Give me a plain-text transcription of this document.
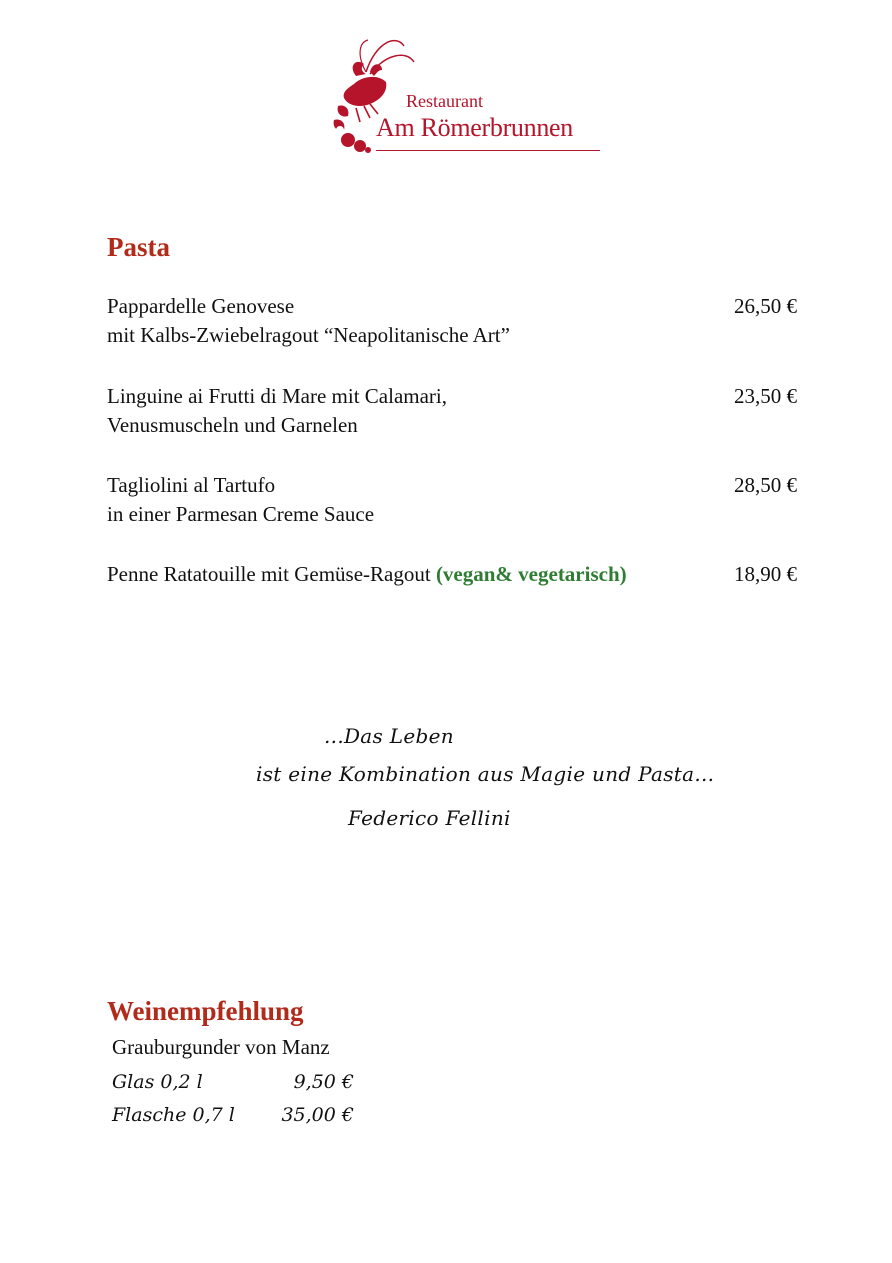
Restaurant
Am Römerbrunnen
Pasta
Pappardelle Genovese
mit Kalbs-Zwiebelragout “Neapolitanische Art”
26,50 €
Linguine ai Frutti di Mare mit Calamari,
Venusmuscheln und Garnelen
23,50 €
Tagliolini al Tartufo
in einer Parmesan Creme Sauce
28,50 €
Penne Ratatouille mit Gemüse-Ragout (vegan& vegetarisch)	18,90 €
...Das Leben
ist eine Kombination aus Magie und Pasta...
Federico Fellini
Weinempfehlung
Grauburgunder von Manz
Glas 0,2 l	9,50 €
Flasche 0,7 l 35,00 €
